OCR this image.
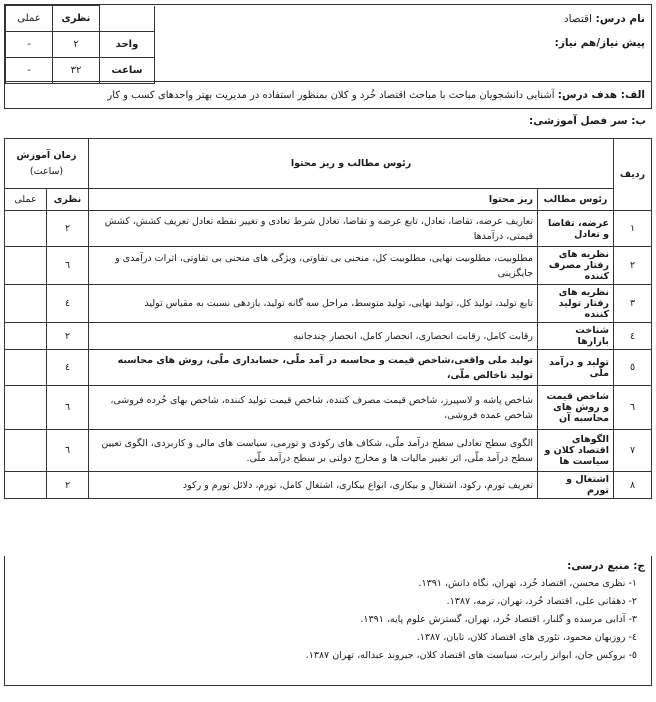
نام درس: اقتصاد
پیش نیاز/هم نیاز:
	نظری	عملی
واحد	۲	-
ساعت	۳۲	-
الف: هدف درس: آشنایی دانشجویان مباحث با مباحث اقتصاد خُرد و کلان بمنظور استفاده در مدیریت بهتر واحدهای کسب و کار
ب: سر فصل آموزشی:
ردیف	رئوس مطالب و ریز محتوا		زمان آموزش
(ساعت)	

	رئوس مطالب	ریز محتوا	نظری	عملی
۱	عرضه، تقاضا و تعادل	تعاریف عرضه، تقاضا، تعادل، تابع عرضه و تقاضا، تعادل شرط تعادی و تغییر نقطه تعادل تعریف کشش، کشش قیمتی، درآمدها	۲	
۲	نظریه های رفتار مصرف کننده	مطلوبیت، مطلوبیت نهایی، مطلوبیت کل، منحنی بی تفاوتی، ویژگی های منحنی بی تفاوتی، اثرات درآمدی و جایگزینی	٦	
۳	نظریه های رفتار تولید کننده	تابع تولید، تولید کل، تولید نهایی، تولید متوسط، مراحل سه گانه تولید، بازدهی نسبت به مقیاس تولید	٤	
٤	شناخت بازارها	رقابت کامل، رقابت انحصاری، انحصار کامل، انحصار چندجانبه	۲	
٥	تولید و درآمد ملّی	تولید ملی واقعی،شاخص قیمت و محاسبه در آمد ملّی، حسابداری ملّی، روش های محاسبه تولید ناخالص ملّی،	٤	
٦	شاخص قیمت و روش های محاسبه آن	شاخص پاشه و لاسپیرز، شاخص قیمت مصرف کننده، شاخص قیمت تولید کننده، شاخص بهای خُرده فروشی، شاخص عمده فروشی،	٦	
٧	الگوهای اقتصاد کلان و سیاست ها	الگوی سطح تعادلی سطح درآمد ملّی، شکاف های رکودی و تورمی، سیاست های مالی و کاربردی، الگوی تعیین سطح درآمد ملّی، اثر تغییر مالیات ها و مخارج دولتی بر سطح درآمد ملّی.	٦	
۸	اشتغال و تورم	تعریف تورم، رکود، اشتغال و بیکاری، انواع بیکاری، اشتغال کامل، تورم، دلائل تورم و رکود	۲	
ج: منبع درسی:
۱- نظری محسن، اقتصاد خُرد، تهران، نگاه دانش، ۱۳۹۱.
۲- دهقانی علی، اقتصاد خُرد، تهران، ترمه، ۱۳۸۷.
۳- آدابی مرسده و گلنار، اقتصاد خُرد، تهران، گسترش علوم پایه، ۱۳۹۱.
٤- روزبهان محمود، تئوری های اقتصاد کلان، تابان، ۱۳۸۷.
٥- بروکس جان، ابوانز رابرت، سیاست های اقتصاد کلان، جیروند عبداله، تهران ۱۳۸۷.
